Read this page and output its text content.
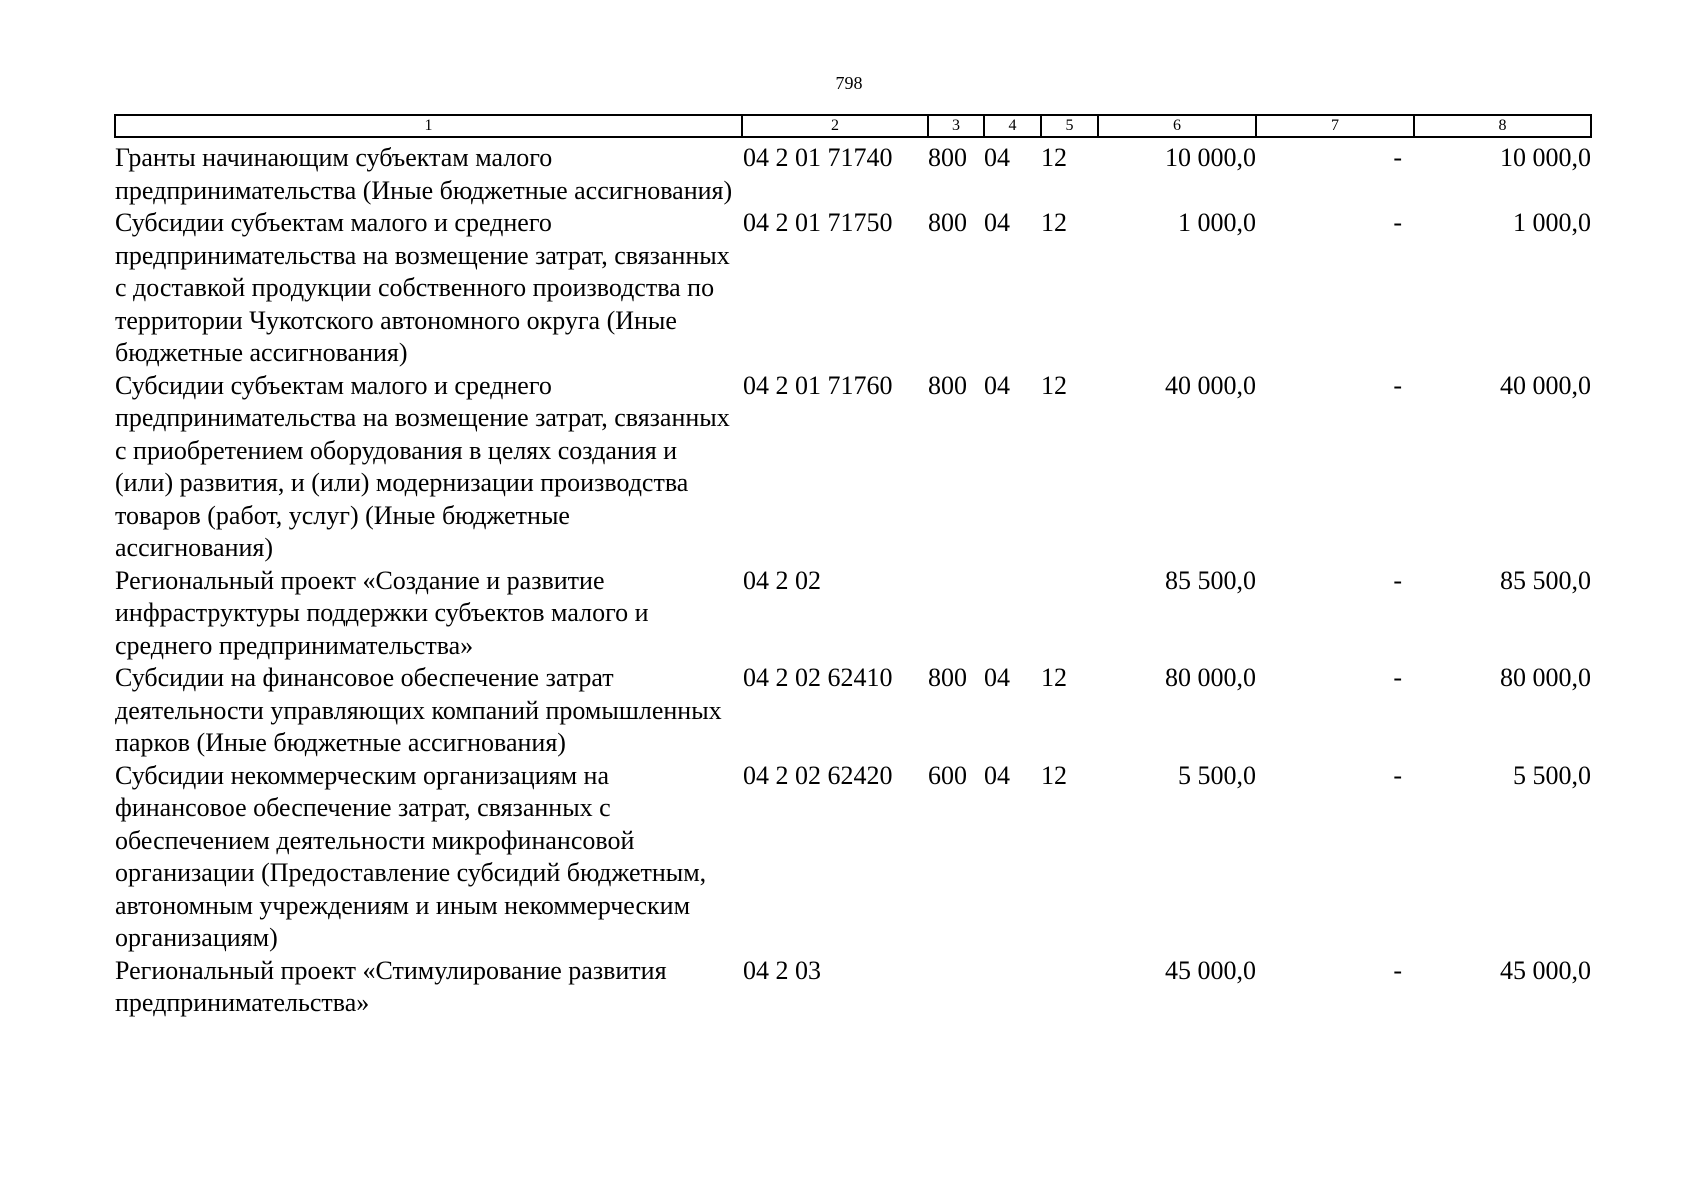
798
1	2	3	4	5	6	7	8
Гранты начинающим субъектам малого предпринимательства (Иные бюджетные ассигнования)	04 2 01 71740	800	04	12	10 000,0	-	10 000,0
Субсидии субъектам малого и среднего предпринимательства на возмещение затрат, связанных с доставкой продукции собственного производства по территории Чукотского автономного округа (Иные бюджетные ассигнования)	04 2 01 71750	800	04	12	1 000,0	-	1 000,0
Субсидии субъектам малого и среднего предпринимательства на возмещение затрат, связанных с приобретением оборудования в целях создания и (или) развития, и (или) модернизации производства товаров (работ, услуг) (Иные бюджетные ассигнования)	04 2 01 71760	800	04	12	40 000,0	-	40 000,0
Региональный проект «Создание и развитие инфраструктуры поддержки субъектов малого и среднего предпринимательства»	04 2 02				85 500,0	-	85 500,0
Субсидии на финансовое обеспечение затрат деятельности управляющих компаний промышленных парков (Иные бюджетные ассигнования)	04 2 02 62410	800	04	12	80 000,0	-	80 000,0
Субсидии некоммерческим организациям на финансовое обеспечение затрат, связанных с обеспечением деятельности микрофинансовой организации (Предоставление субсидий бюджетным, автономным учреждениям и иным некоммерческим организациям)	04 2 02 62420	600	04	12	5 500,0	-	5 500,0
Региональный проект «Стимулирование развития предпринимательства»	04 2 03				45 000,0	-	45 000,0
